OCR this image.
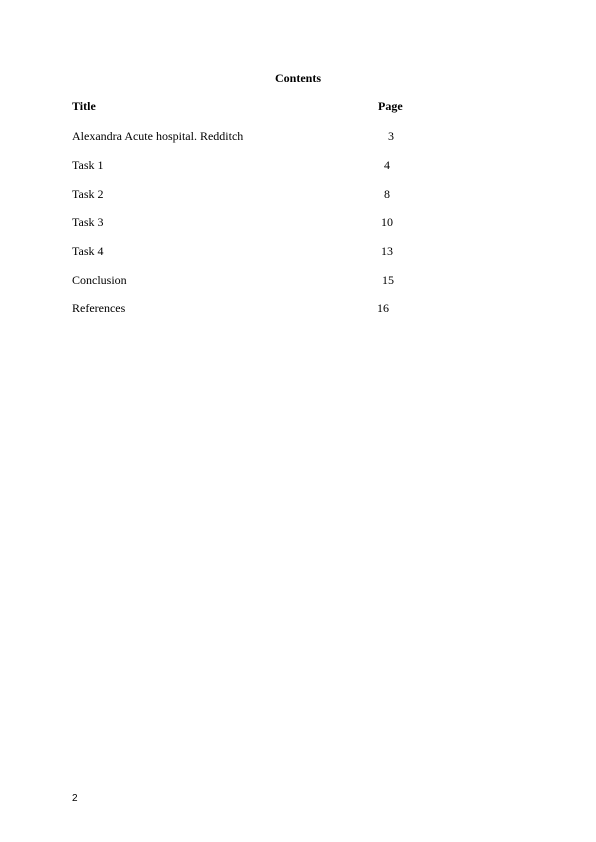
Contents
Title	Page
Alexandra Acute hospital. Redditch	3
Task 1	4
Task 2	8
Task 3	10
Task 4	13
Conclusion	15
References	16
2
